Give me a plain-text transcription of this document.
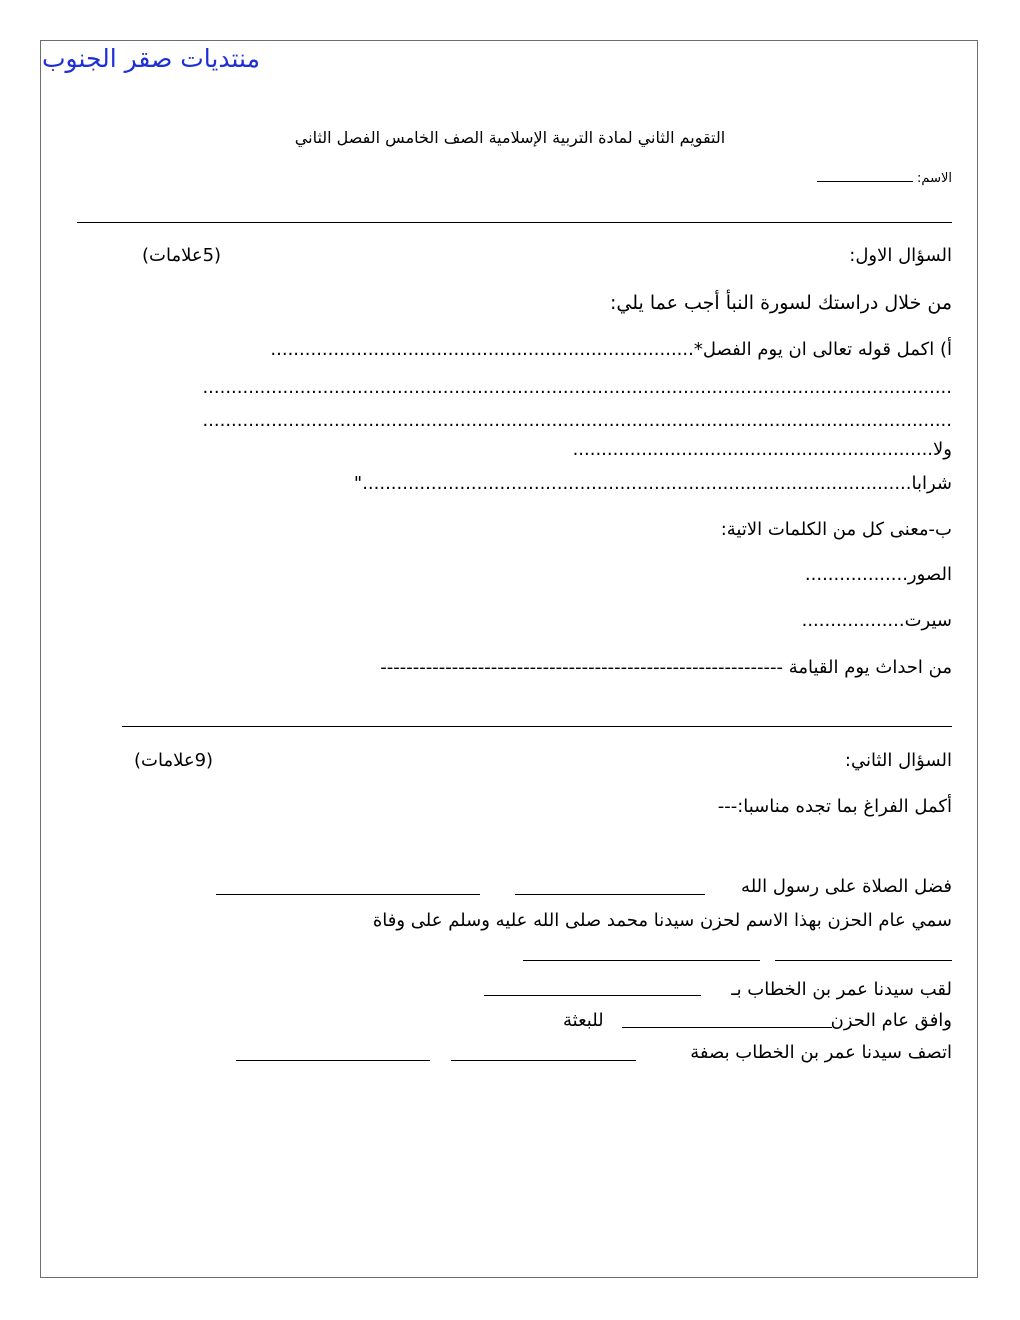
منتديات صقر الجنوب
التقويم الثاني لمادة التربية الإسلامية الصف الخامس الفصل الثاني
الاسم:
السؤال الاول:
(5علامات)
من خلال دراستك لسورة النبأ أجب عما يلي:
أ) اكمل قوله تعالى ان يوم الفصل*..........................................................................
...................................................................................................................................
...................................................................................................................................
ولا...............................................................
شرابا................................................................................................"
ب-معنى كل من الكلمات الاتية:
الصور..................
سيرت..................
من احداث يوم القيامة --------------------------------------------------------------
السؤال الثاني:
(9علامات)
أكمل الفراغ بما تجده مناسبا:---
فضل الصلاة على رسول الله
سمي عام الحزن بهذا الاسم لحزن سيدنا محمد صلى الله عليه وسلم على وفاة
لقب سيدنا عمر بن الخطاب بـ
وافق عام الحزن
للبعثة
اتصف سيدنا عمر بن الخطاب بصفة
